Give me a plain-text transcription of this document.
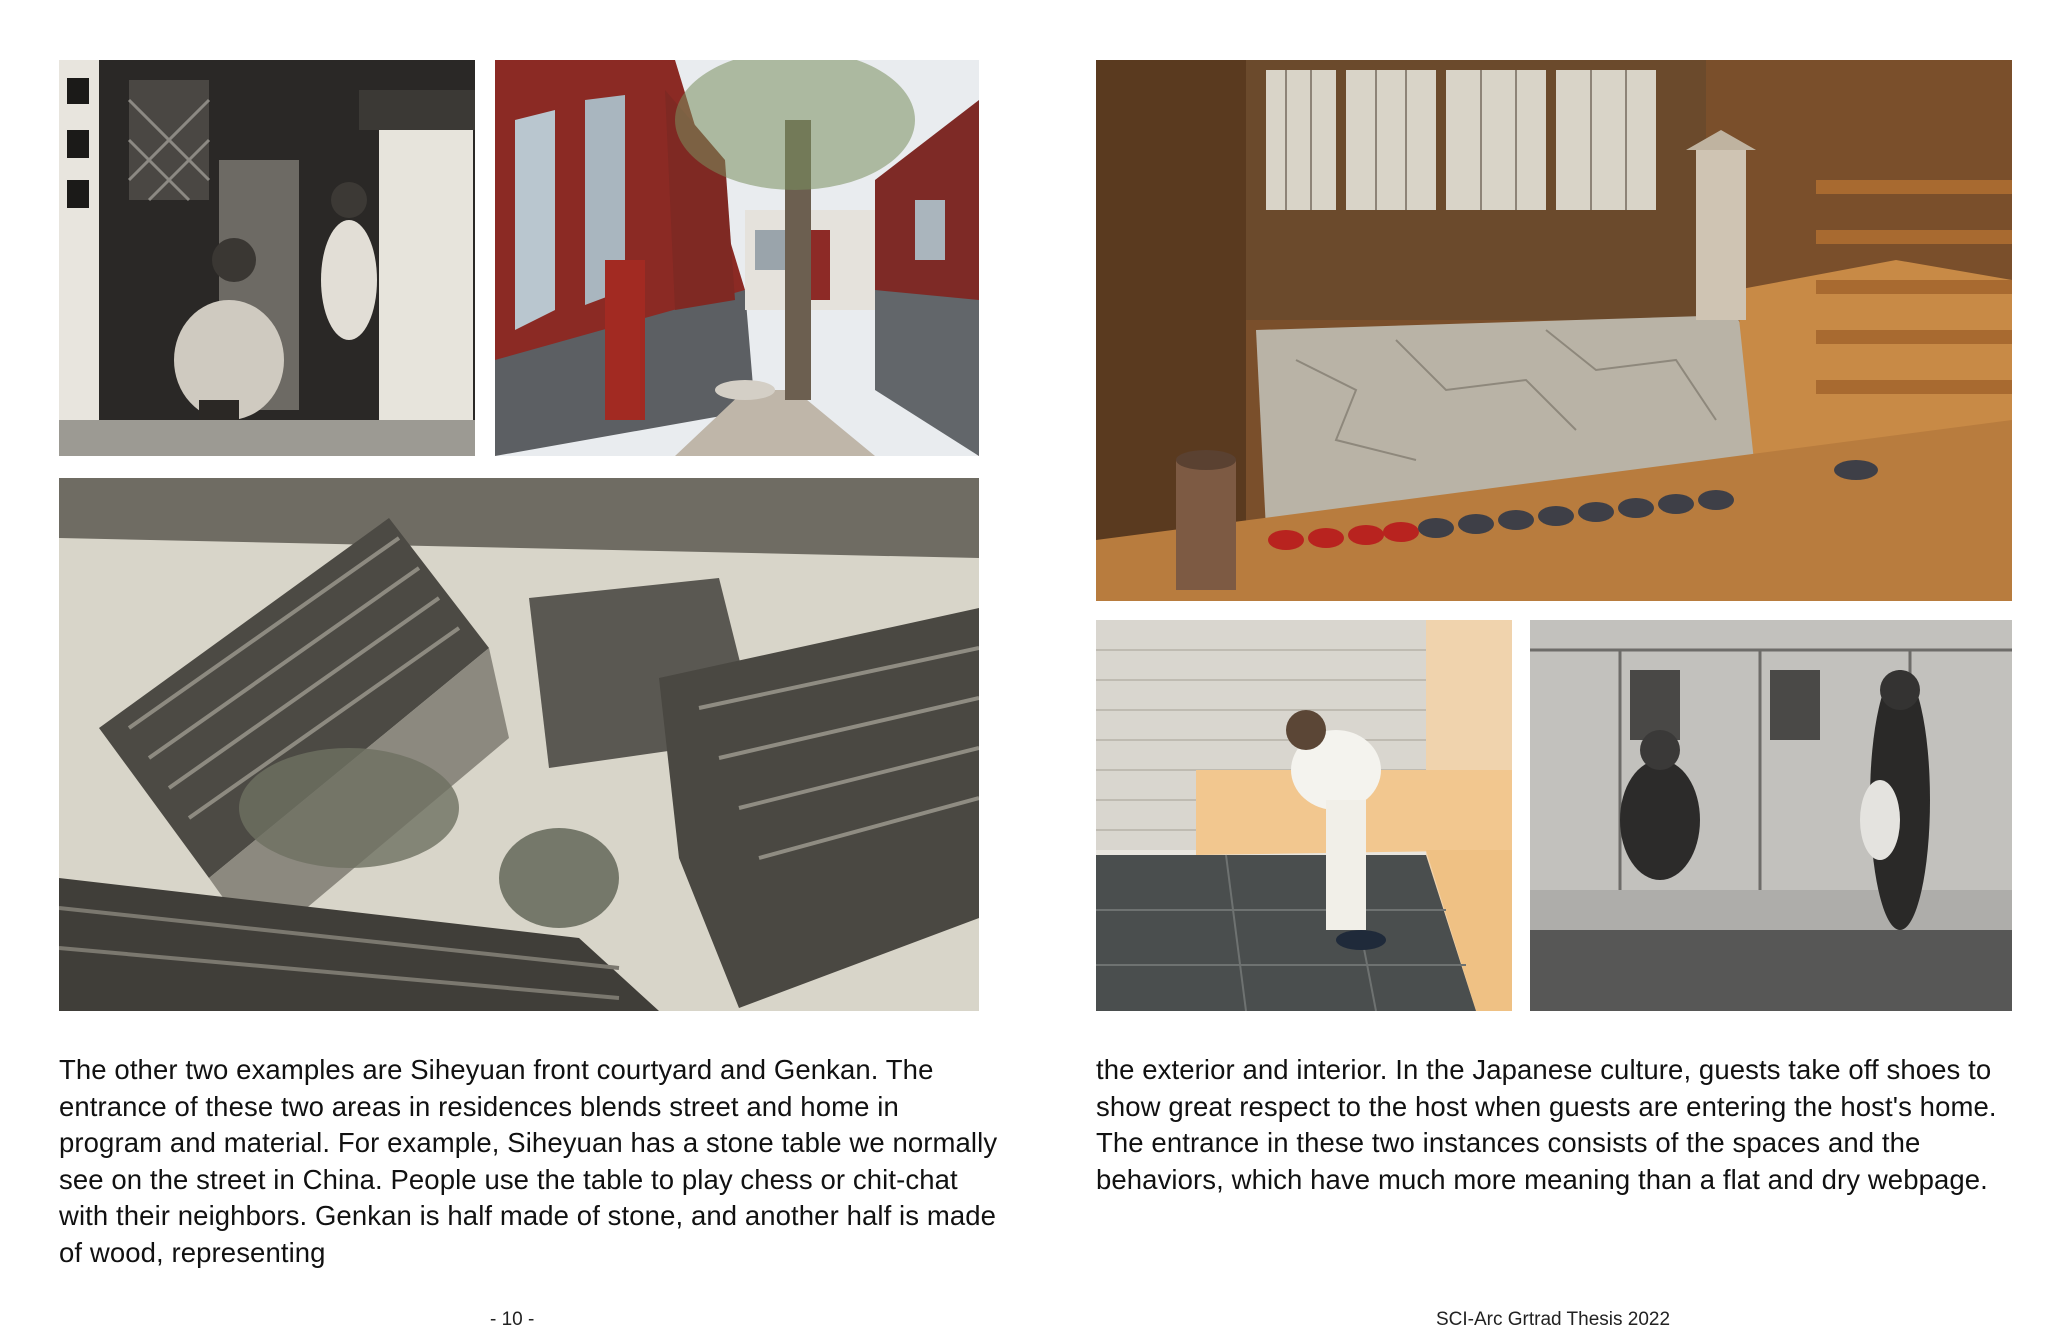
The other two examples are Siheyuan front courtyard and Genkan. The entrance of these two areas in residences blends street and home in program and material. For example, Siheyuan has a stone table we normally see on the street in China. People use the table to play chess or chit-chat with their neighbors. Genkan is half made of stone, and another half is made of wood, representing

the exterior and interior. In the Japanese culture, guests take off shoes to show great respect to the host when guests are entering the host's home. The entrance in these two instances consists of the spaces and the behaviors, which have much more meaning than a flat and dry webpage.

- 10 -	SCI-Arc Grtrad Thesis 2022
